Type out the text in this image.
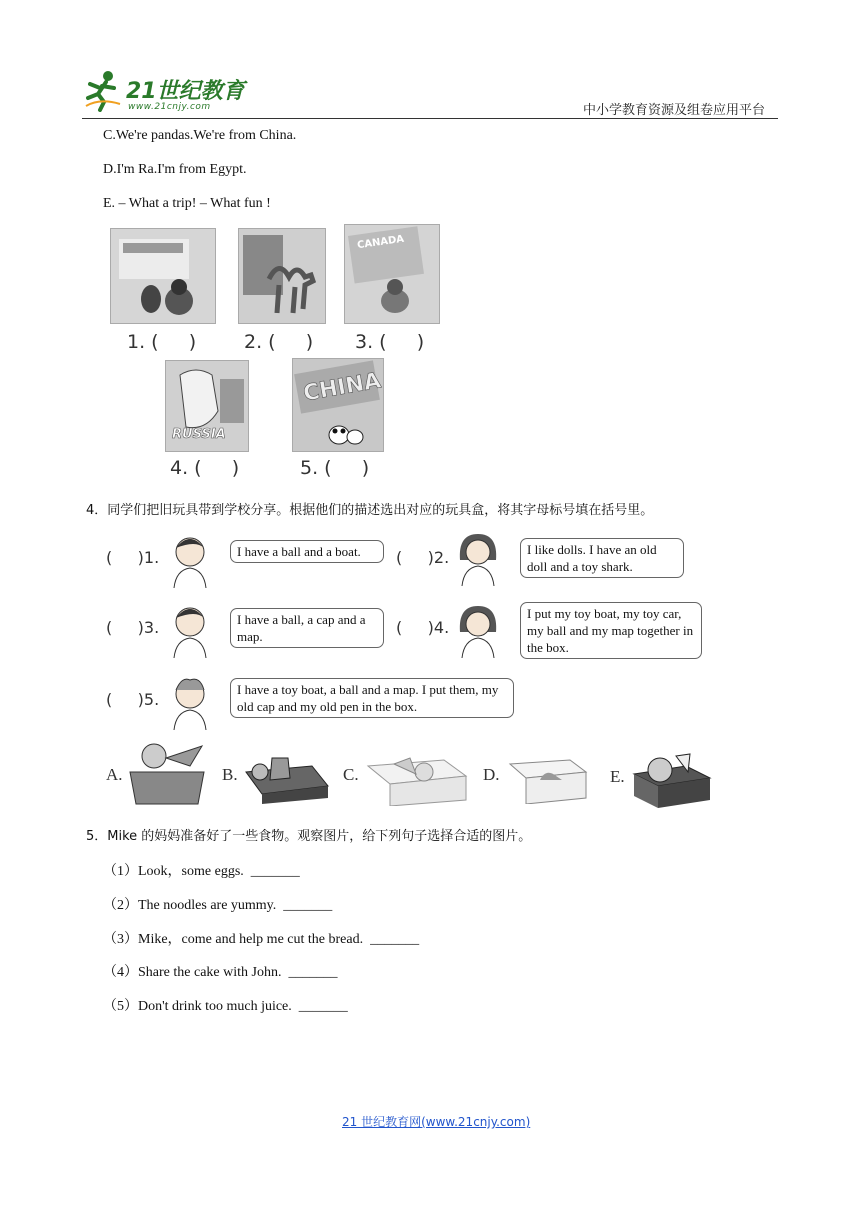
21世纪教育
www.21cnjy.com	中小学教育资源及组卷应用平台
C.We're pandas.We're from China.
D.I'm Ra.I'm from Egypt.
E. – What a trip! – What fun !
CANADA
1. (     )	2. (     ) 3. (     )
RUSSIA
CHINA
4. (     )	5. (     )
4．同学们把旧玩具带到学校分享。根据他们的描述选出对应的玩具盒，将其字母标号填在括号里。
(     )1.	I have a ball and a boat.	(     )2.	I like dolls. I have an old doll and a toy shark.
(     )3.	I have a ball, a cap and a map.	(     )4.
I put my toy boat, my toy car, my ball and my map together in the box.
(     )5.
I have a toy boat, a ball and a map. I put them, my old cap and my old pen in the box.
A.	B.	C.	D.	E.
5．Mike 的妈妈准备好了一些食物。观察图片，给下列句子选择合适的图片。
（1）Look，some eggs.  _______
（2）The noodles are yummy.  _______
（3）Mike，come and help me cut the bread.  _______
（4）Share the cake with John.  _______
（5）Don't drink too much juice.  _______
21 世纪教育网(www.21cnjy.com)
